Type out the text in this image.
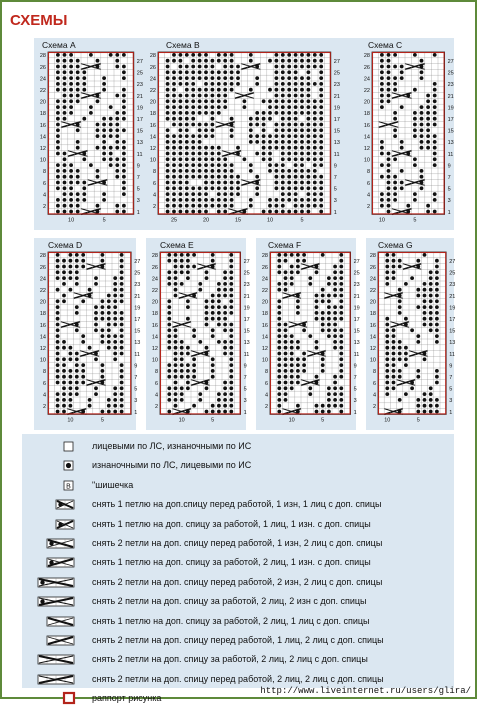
СХЕМЫ
Схема A	Схема B	Схема C
Схема D	Схема E	Схема F	Схема G
2
4
6
8
10
12
14
16
18
20
22
24
26
28
1
3
5
7
9
11
13
15
17
19
21
23
25
27
10	5
2
4
6
8
10
12
14
16
18
20
22
24
26
28
1
3
5
7
9
11
13
15
17
19
21
23
25
27
25	20	15	10	5
2
4
6
8
10
12
14
16
18
20
22
24
26
28
1
3
5
7
9
11
13
15
17
19
21
23
25
27
10	5
2
4
6
8
10
12
14
16
18
20
22
24
26
28
1
3
5
7
9
11
13
15
17
19
21
23
25
27
10	5
2
4
6
8
10
12
14
16
18
20
22
24
26
28
1
3
5
7
9
11
13
15
17
19
21
23
25
27
10	5
2
4
6
8
10
12
14
16
18
20
22
24
26
28
1
3
5
7
9
11
13
15
17
19
21
23
25
27
10	5
2
4
6
8
10
12
14
16
18
20
22
24
26
28
1
3
5
7
9
11
13
15
17
19
21
23
25
27
10	5
лицевыми по ЛС, изнаночными по ИС
изнаночными по ЛС, лицевыми по ИС
B "шишечка
снять 1 петлю на доп.спицу перед работой, 1 изн, 1 лиц с доп. спицы
снять 1 петлю на доп. спицу за работой, 1 лиц, 1 изн. с доп. спицы
снять 2 петли на доп. спицу перед работой, 1 изн, 2 лиц с доп. спицы
снять 1 петлю на доп. спицу за работой, 2 лиц, 1 изн. с доп. спицы
снять 2 петли на доп. спицу перед работой, 2 изн, 2 лиц с доп. спицы
снять 2 петли на доп. спицу за работой, 2 лиц, 2 изн с доп. спицы
снять 1 петлю на доп. спицу за работой, 2 лиц, 1 лиц с доп. спицы
снять 2 петли на доп. спицу перед работой, 1 лиц, 2 лиц с доп. спицы
снять 2 петли на доп. спицу за работой, 2 лиц, 2 лиц с доп. спицы
снять 2 петли на доп. спицу перед работой, 2 лиц, 2 лиц с доп. спицы
раппорт рисунка
http://www.liveinternet.ru/users/glira/
